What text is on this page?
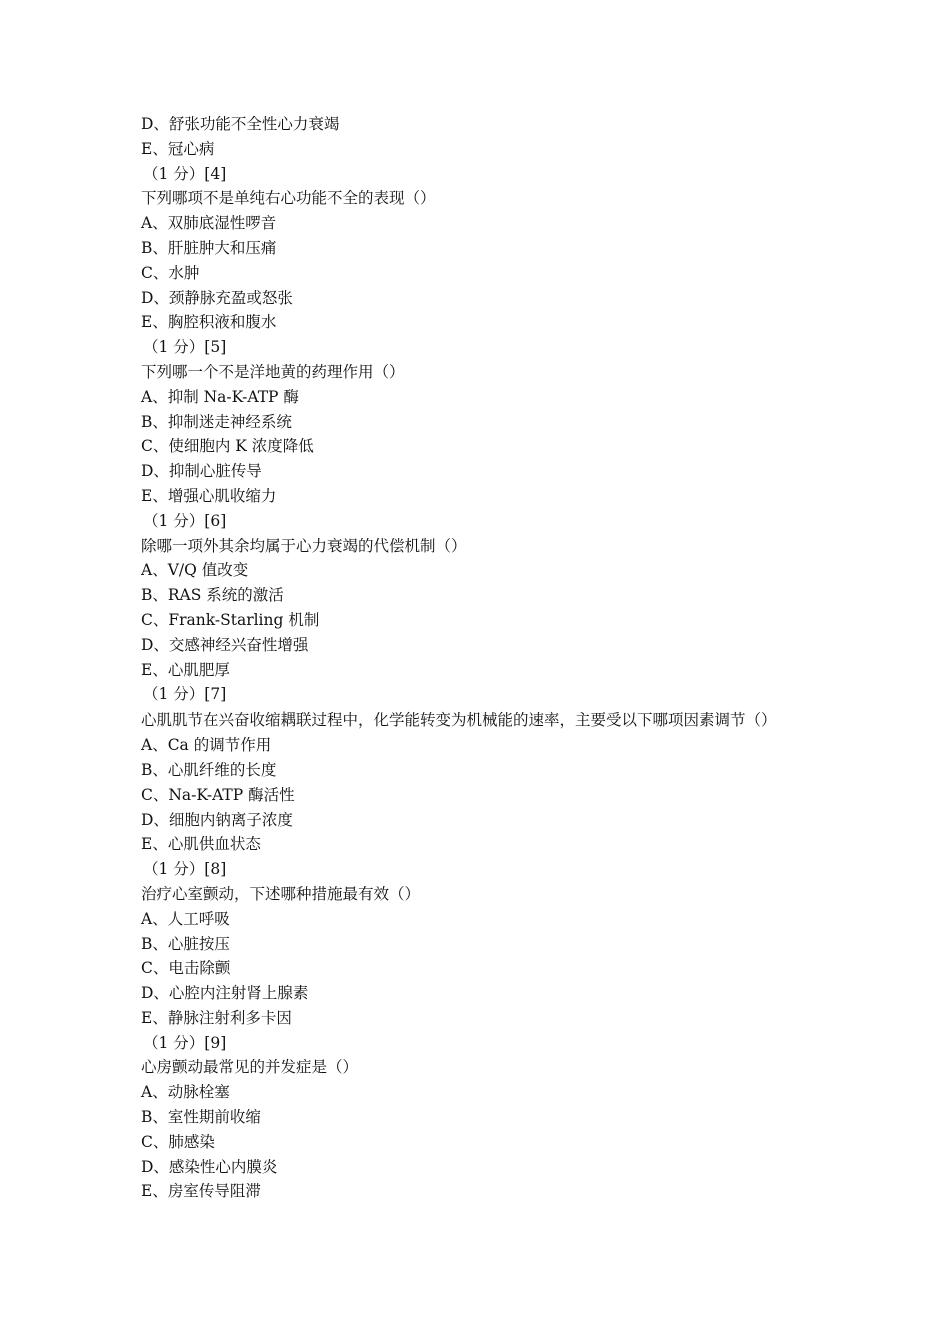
D、舒张功能不全性心力衰竭
E、冠心病
（1 分）[4]
下列哪项不是单纯右心功能不全的表现（）
A、双肺底湿性啰音
B、肝脏肿大和压痛
C、水肿
D、颈静脉充盈或怒张
E、胸腔积液和腹水
（1 分）[5]
下列哪一个不是洋地黄的药理作用（）
A、抑制 Na-K-ATP 酶
B、抑制迷走神经系统
C、使细胞内 K 浓度降低
D、抑制心脏传导
E、增强心肌收缩力
（1 分）[6]
除哪一项外其余均属于心力衰竭的代偿机制（）
A、V/Q 值改变
B、RAS 系统的激活
C、Frank-Starling 机制
D、交感神经兴奋性增强
E、心肌肥厚
（1 分）[7]
心肌肌节在兴奋收缩耦联过程中，化学能转变为机械能的速率，主要受以下哪项因素调节（）
A、Ca 的调节作用
B、心肌纤维的长度
C、Na-K-ATP 酶活性
D、细胞内钠离子浓度
E、心肌供血状态
（1 分）[8]
治疗心室颤动，下述哪种措施最有效（）
A、人工呼吸
B、心脏按压
C、电击除颤
D、心腔内注射肾上腺素
E、静脉注射利多卡因
（1 分）[9]
心房颤动最常见的并发症是（）
A、动脉栓塞
B、室性期前收缩
C、肺感染
D、感染性心内膜炎
E、房室传导阻滞
